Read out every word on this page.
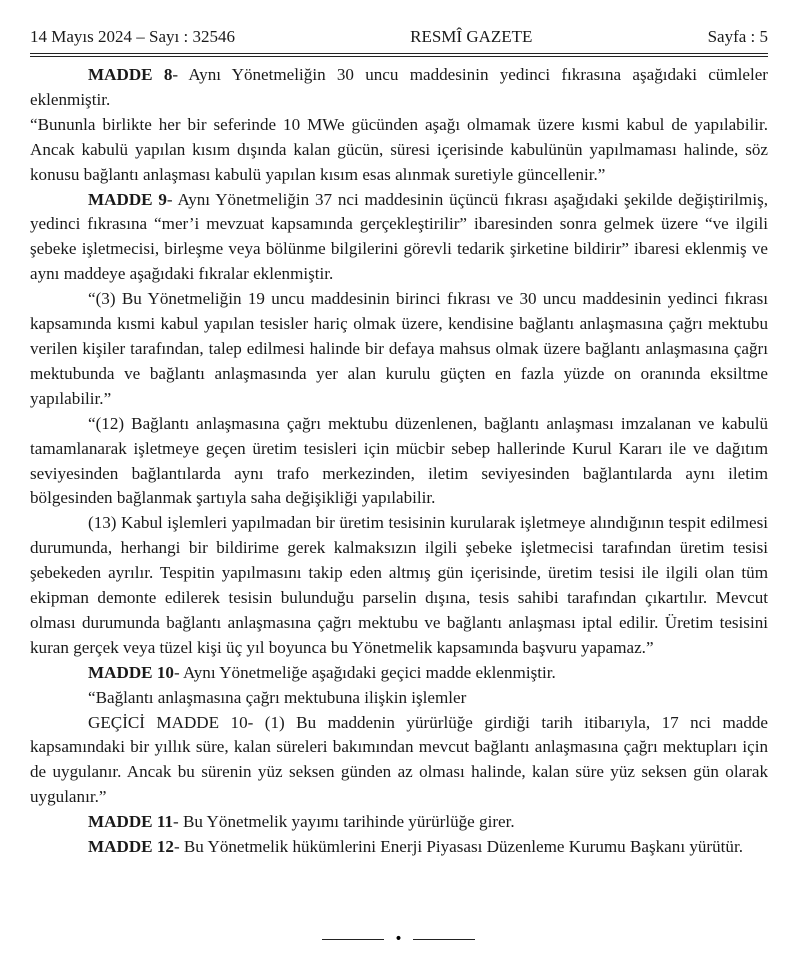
14 Mayıs 2024 – Sayı : 32546	RESMÎ GAZETE	Sayfa : 5

MADDE 8- Aynı Yönetmeliğin 30 uncu maddesinin yedinci fıkrasına aşağıdaki cümleler eklenmiştir.

“Bununla birlikte her bir seferinde 10 MWe gücünden aşağı olmamak üzere kısmi kabul de yapılabilir. Ancak kabulü yapılan kısım dışında kalan gücün, süresi içerisinde kabulünün yapılmaması halinde, söz konusu bağlantı anlaşması kabulü yapılan kısım esas alınmak suretiyle güncellenir.”

MADDE 9- Aynı Yönetmeliğin 37 nci maddesinin üçüncü fıkrası aşağıdaki şekilde değiştirilmiş, yedinci fıkrasına “mer’i mevzuat kapsamında gerçekleştirilir” ibaresinden sonra gelmek üzere “ve ilgili şebeke işletmecisi, birleşme veya bölünme bilgilerini görevli tedarik şirketine bildirir” ibaresi eklenmiş ve aynı maddeye aşağıdaki fıkralar eklenmiştir.

“(3) Bu Yönetmeliğin 19 uncu maddesinin birinci fıkrası ve 30 uncu maddesinin yedinci fıkrası kapsamında kısmi kabul yapılan tesisler hariç olmak üzere, kendisine bağlantı anlaşmasına çağrı mektubu verilen kişiler tarafından, talep edilmesi halinde bir defaya mahsus olmak üzere bağlantı anlaşmasına çağrı mektubunda ve bağlantı anlaşmasında yer alan kurulu güçten en fazla yüzde on oranında eksiltme yapılabilir.”

“(12) Bağlantı anlaşmasına çağrı mektubu düzenlenen, bağlantı anlaşması imzalanan ve kabulü tamamlanarak işletmeye geçen üretim tesisleri için mücbir sebep hallerinde Kurul Kararı ile ve dağıtım seviyesinden bağlantılarda aynı trafo merkezinden, iletim seviyesinden bağlantılarda aynı iletim bölgesinden bağlanmak şartıyla saha değişikliği yapılabilir.

(13) Kabul işlemleri yapılmadan bir üretim tesisinin kurularak işletmeye alındığının tespit edilmesi durumunda, herhangi bir bildirime gerek kalmaksızın ilgili şebeke işletmecisi tarafından üretim tesisi şebekeden ayrılır. Tespitin yapılmasını takip eden altmış gün içerisinde, üretim tesisi ile ilgili olan tüm ekipman demonte edilerek tesisin bulunduğu parselin dışına, tesis sahibi tarafından çıkartılır. Mevcut olması durumunda bağlantı anlaşmasına çağrı mektubu ve bağlantı anlaşması iptal edilir. Üretim tesisini kuran gerçek veya tüzel kişi üç yıl boyunca bu Yönetmelik kapsamında başvuru yapamaz.”

MADDE 10- Aynı Yönetmeliğe aşağıdaki geçici madde eklenmiştir.

“Bağlantı anlaşmasına çağrı mektubuna ilişkin işlemler

GEÇİCİ MADDE 10- (1) Bu maddenin yürürlüğe girdiği tarih itibarıyla, 17 nci madde kapsamındaki bir yıllık süre, kalan süreleri bakımından mevcut bağlantı anlaşmasına çağrı mektupları için de uygulanır. Ancak bu sürenin yüz seksen günden az olması halinde, kalan süre yüz seksen gün olarak uygulanır.”

MADDE 11- Bu Yönetmelik yayımı tarihinde yürürlüğe girer.

MADDE 12- Bu Yönetmelik hükümlerini Enerji Piyasası Düzenleme Kurumu Başkanı yürütür.

•
